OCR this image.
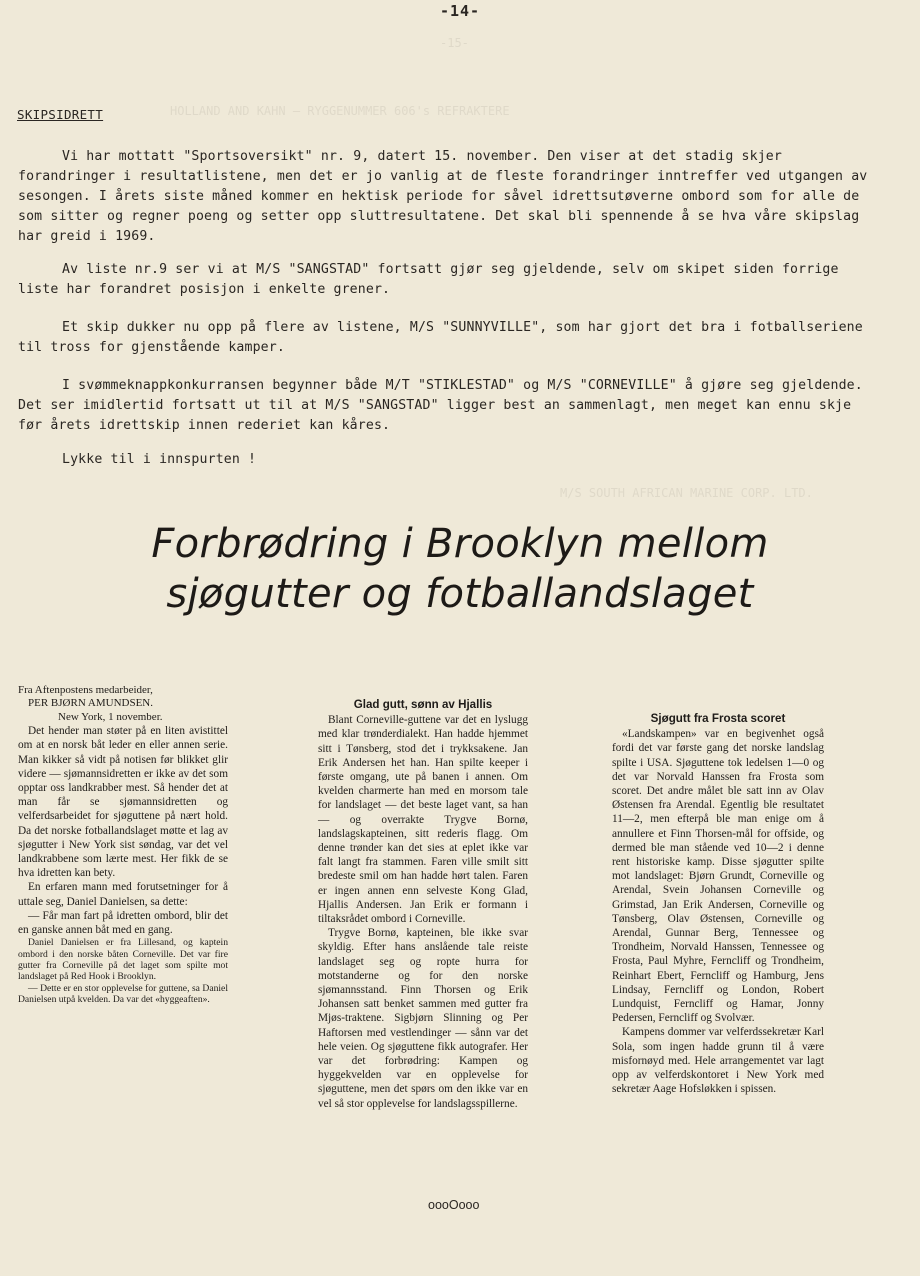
-15-
HOLLAND AND KAHN — RYGGENUMMER 606's REFRAKTERE
M/S SOUTH AFRICAN MARINE CORP. LTD.
-14-
SKIPSIDRETT

Vi har mottatt "Sportsoversikt" nr. 9, datert 15. november. Den viser at det stadig skjer forandringer i resultatlistene, men det er jo vanlig at de fleste forandringer inntreffer ved utgangen av sesongen. I årets siste måned kommer en hektisk periode for såvel idrettsutøverne ombord som for alle de som sitter og regner poeng og setter opp sluttresultatene. Det skal bli spennende å se hva våre skipslag har greid i 1969.

Av liste nr.9 ser vi at M/S "SANGSTAD" fortsatt gjør seg gjeldende, selv om skipet siden forrige liste har forandret posisjon i enkelte grener.

Et skip dukker nu opp på flere av listene, M/S "SUNNYVILLE", som har gjort det bra i fotballseriene til tross for gjenstående kamper.

I svømmeknappkonkurransen begynner både M/T "STIKLESTAD" og M/S "CORNEVILLE" å gjøre seg gjeldende. Det ser imidlertid fortsatt ut til at M/S "SANGSTAD" ligger best an sammenlagt, men meget kan ennu skje før årets idrettskip innen rederiet kan kåres.

Lykke til i innspurten !

Forbrødring i Brooklyn mellom

sjøgutter og fotballandslaget

Fra Aftenpostens medarbeider,

PER BJØRN AMUNDSEN.

New York, 1 november.

Det hender man støter på en liten avistittel om at en norsk båt leder en eller annen serie. Man kikker så vidt på notisen før blikket glir videre — sjømannsidretten er ikke av det som opptar oss landkrabber mest. Så hender det at man får se sjømannsidretten og velferdsarbeidet for sjøguttene på nært hold. Da det norske fotballandslaget møtte et lag av sjøgutter i New York sist søndag, var det vel landkrabbene som lærte mest. Her fikk de se hva idretten kan bety.

En erfaren mann med forutsetninger for å uttale seg, Daniel Danielsen, sa dette:

— Får man fart på idretten ombord, blir det en ganske annen båt med en gang.

Daniel Danielsen er fra Lillesand, og kaptein ombord i den norske båten Corneville. Det var fire gutter fra Corneville på det laget som spilte mot landslaget på Red Hook i Brooklyn.

— Dette er en stor opplevelse for guttene, sa Daniel Danielsen utpå kvelden. Da var det «hyggeaften».

Glad gutt, sønn av Hjallis

Blant Corneville-guttene var det en lyslugg med klar trønderdialekt. Han hadde hjemmet sitt i Tønsberg, stod det i trykksakene. Jan Erik Andersen het han. Han spilte keeper i første omgang, ute på banen i annen. Om kvelden charmerte han med en morsom tale for landslaget — det beste laget vant, sa han — og overrakte Trygve Bornø, landslagskapteinen, sitt rederis flagg. Om denne trønder kan det sies at eplet ikke var falt langt fra stammen. Faren ville smilt sitt bredeste smil om han hadde hørt talen. Faren er ingen annen enn selveste Kong Glad, Hjallis Andersen. Jan Erik er formann i tiltaksrådet ombord i Corneville.

Trygve Bornø, kapteinen, ble ikke svar skyldig. Efter hans anslående tale reiste landslaget seg og ropte hurra for motstanderne og for den norske sjømannsstand. Finn Thorsen og Erik Johansen satt benket sammen med gutter fra Mjøs-traktene. Sigbjørn Slinning og Per Haftorsen med vestlendinger — sånn var det hele veien. Og sjøguttene fikk autografer. Her var det forbrødring: Kampen og hyggekvelden var en opplevelse for sjøguttene, men det spørs om den ikke var en vel så stor opplevelse for landslagsspillerne.

Sjøgutt fra Frosta scoret

«Landskampen» var en begivenhet også fordi det var første gang det norske landslag spilte i USA. Sjøguttene tok ledelsen 1—0 og det var Norvald Hanssen fra Frosta som scoret. Det andre målet ble satt inn av Olav Østensen fra Arendal. Egentlig ble resultatet 11—2, men efterpå ble man enige om å annullere et Finn Thorsen-mål for offside, og dermed ble man stående ved 10—2 i denne rent historiske kamp. Disse sjøgutter spilte mot landslaget: Bjørn Grundt, Corneville og Arendal, Svein Johansen Corneville og Grimstad, Jan Erik Andersen, Corneville og Tønsberg, Olav Østensen, Corneville og Arendal, Gunnar Berg, Tennessee og Trondheim, Norvald Hanssen, Tennessee og Frosta, Paul Myhre, Ferncliff og Trondheim, Reinhart Ebert, Ferncliff og Hamburg, Jens Lindsay, Ferncliff og London, Robert Lundquist, Ferncliff og Hamar, Jonny Pedersen, Ferncliff og Svolvær.

Kampens dommer var velferdssekretær Karl Sola, som ingen hadde grunn til å være misfornøyd med. Hele arrangementet var lagt opp av velferdskontoret i New York med sekretær Aage Hofsløkken i spissen.

oooOooo
